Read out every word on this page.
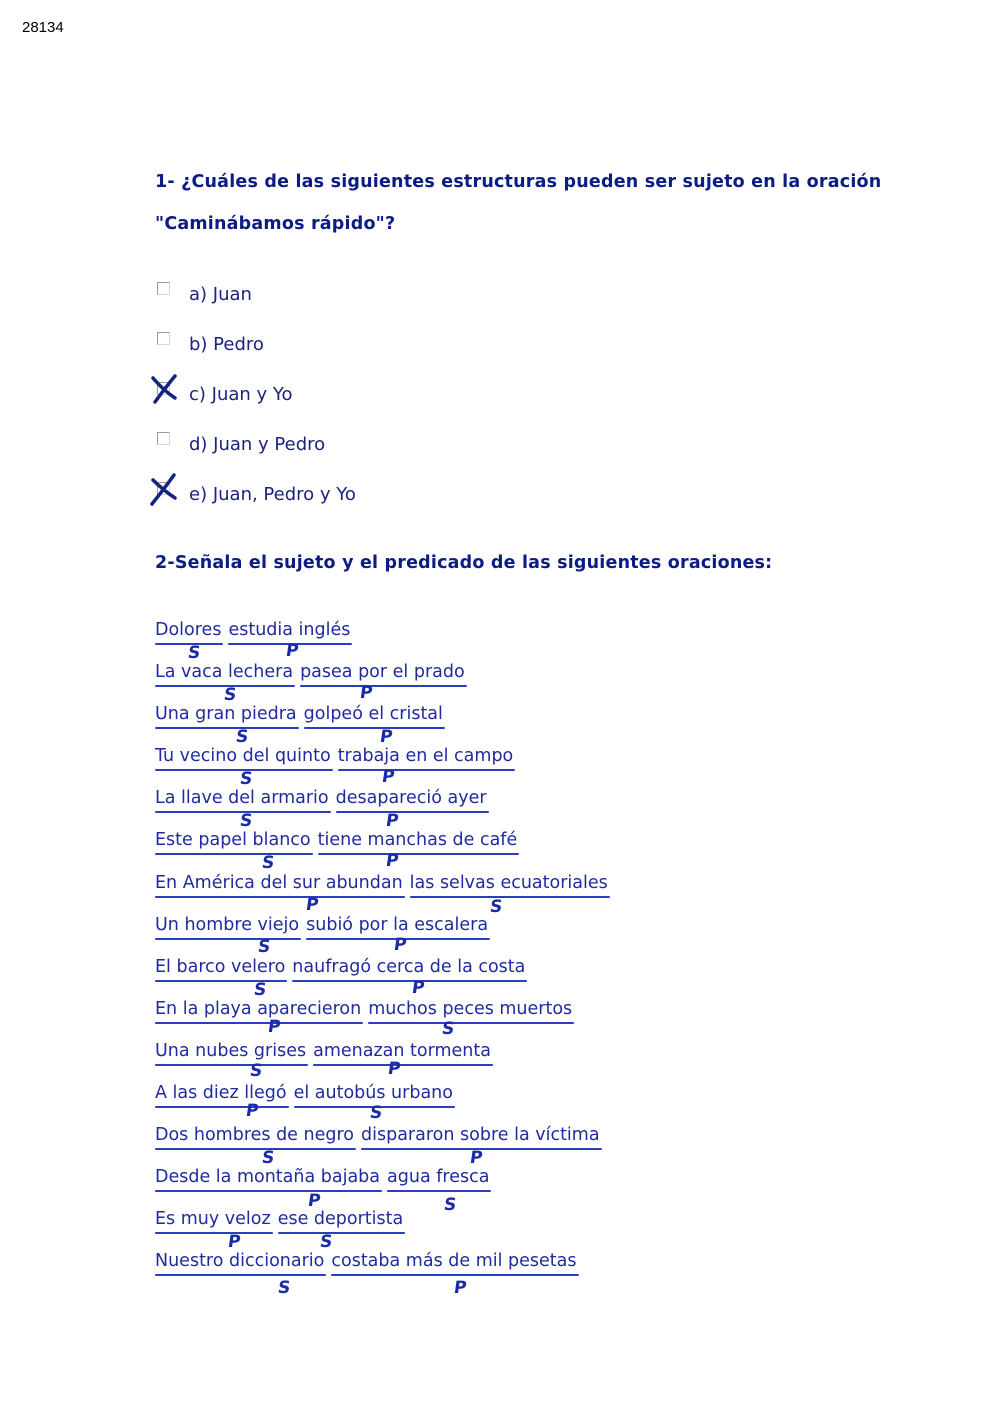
28134
1- ¿Cuáles de las siguientes estructuras pueden ser sujeto en la oración
"Caminábamos rápido"?
a) Juan
b) Pedro
c) Juan y Yo
d) Juan y Pedro
e) Juan, Pedro y Yo
2-Señala el sujeto y el predicado de las siguientes oraciones:
Dolores estudia inglés
S	P
La vaca lechera pasea por el prado
S	P
Una gran piedra golpeó el cristal
S	P
Tu vecino del quinto trabaja en el campo
S	P
La llave del armario desapareció ayer
S	P
Este papel blanco tiene manchas de café
S	P
En América del sur abundan las selvas ecuatoriales
P	S
Un hombre viejo subió por la escalera
S	P
El barco velero naufragó cerca de la costa
S	P
En la playa aparecieron muchos peces muertos
P	S
Una nubes grises amenazan tormenta
S	P
A las diez llegó el autobús urbano
P	S
Dos hombres de negro dispararon sobre la víctima
S	P
Desde la montaña bajaba agua fresca
P	S
Es muy veloz ese deportista
P	S
Nuestro diccionario costaba más de mil pesetas
S	P
